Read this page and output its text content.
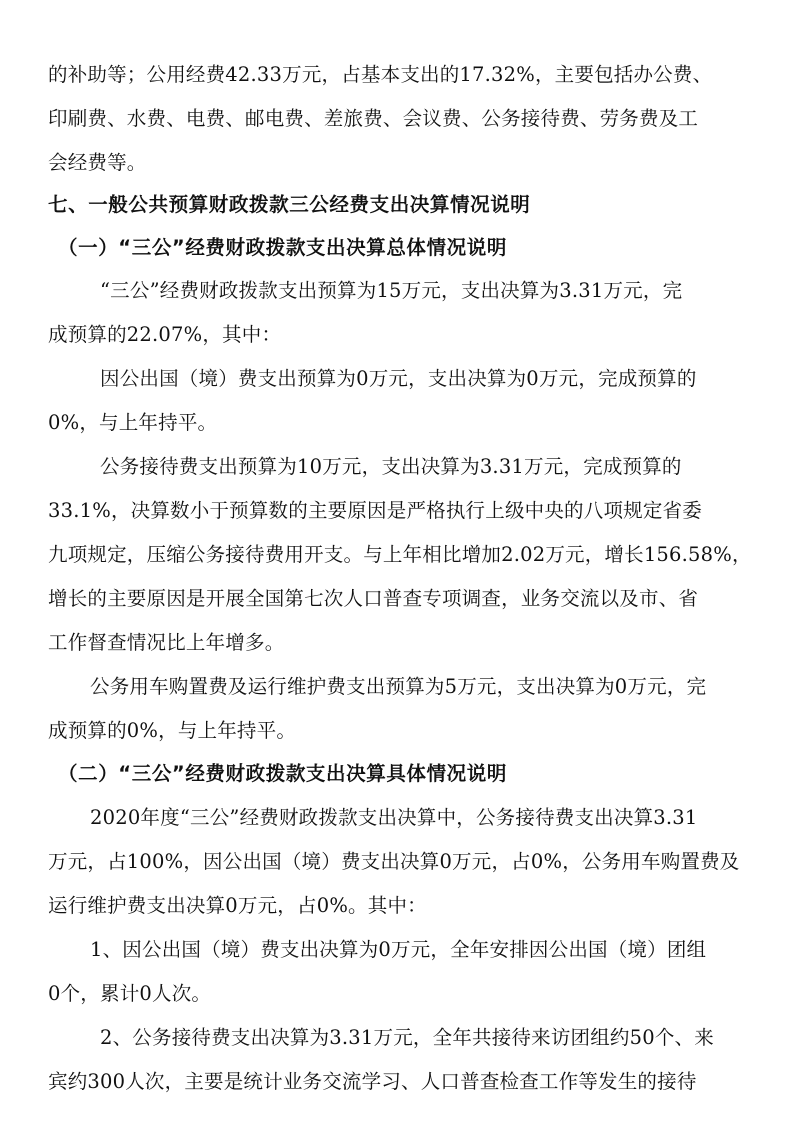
的补助等；公用经费42.33万元，占基本支出的17.32%，主要包括办公费、
印刷费、水费、电费、邮电费、差旅费、会议费、公务接待费、劳务费及工
会经费等。
七、一般公共预算财政拨款三公经费支出决算情况说明
（一）“三公”经费财政拨款支出决算总体情况说明
“三公”经费财政拨款支出预算为15万元，支出决算为3.31万元，完
成预算的22.07%，其中：
因公出国（境）费支出预算为0万元，支出决算为0万元，完成预算的
0%，与上年持平。
公务接待费支出预算为10万元，支出决算为3.31万元，完成预算的
33.1%，决算数小于预算数的主要原因是严格执行上级中央的八项规定省委
九项规定，压缩公务接待费用开支。与上年相比增加2.02万元，增长156.58%，
增长的主要原因是开展全国第七次人口普查专项调查，业务交流以及市、省
工作督查情况比上年增多。
公务用车购置费及运行维护费支出预算为5万元，支出决算为0万元，完
成预算的0%，与上年持平。
（二）“三公”经费财政拨款支出决算具体情况说明
2020年度“三公”经费财政拨款支出决算中，公务接待费支出决算3.31
万元，占100%，因公出国（境）费支出决算0万元，占0%，公务用车购置费及
运行维护费支出决算0万元，占0%。其中：
1、因公出国（境）费支出决算为0万元，全年安排因公出国（境）团组
0个，累计0人次。
2、公务接待费支出决算为3.31万元，全年共接待来访团组约50个、来
宾约300人次，主要是统计业务交流学习、人口普查检查工作等发生的接待
